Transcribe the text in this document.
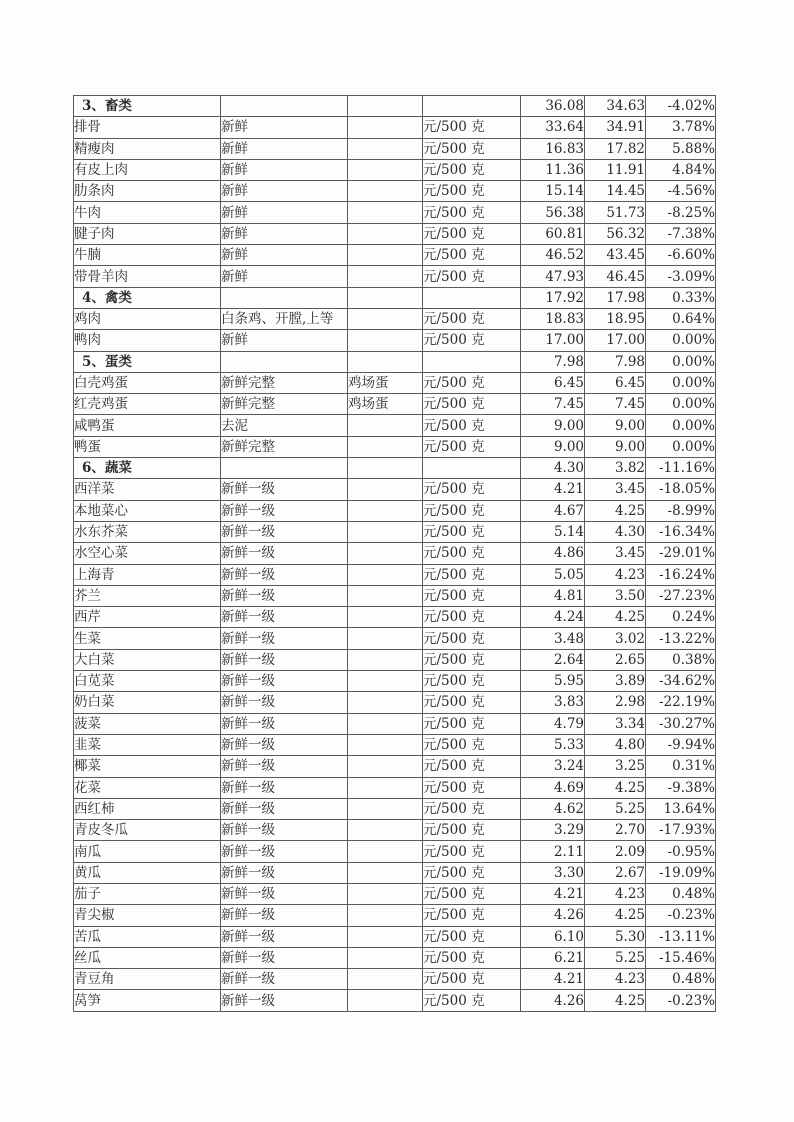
3、畜类				36.08	34.63	-4.02%
排骨	新鲜		元/500 克	33.64	34.91	3.78%
精瘦肉	新鲜		元/500 克	16.83	17.82	5.88%
有皮上肉	新鲜		元/500 克	11.36	11.91	4.84%
肋条肉	新鲜		元/500 克	15.14	14.45	-4.56%
牛肉	新鲜		元/500 克	56.38	51.73	-8.25%
腱子肉	新鲜		元/500 克	60.81	56.32	-7.38%
牛腩	新鲜		元/500 克	46.52	43.45	-6.60%
带骨羊肉	新鲜		元/500 克	47.93	46.45	-3.09%
4、禽类				17.92	17.98	0.33%
鸡肉	白条鸡、开膛,上等		元/500 克	18.83	18.95	0.64%
鸭肉	新鲜		元/500 克	17.00	17.00	0.00%
5、蛋类				7.98	7.98	0.00%
白壳鸡蛋	新鲜完整	鸡场蛋	元/500 克	6.45	6.45	0.00%
红壳鸡蛋	新鲜完整	鸡场蛋	元/500 克	7.45	7.45	0.00%
咸鸭蛋	去泥		元/500 克	9.00	9.00	0.00%
鸭蛋	新鲜完整		元/500 克	9.00	9.00	0.00%
6、蔬菜				4.30	3.82	-11.16%
西洋菜	新鲜一级		元/500 克	4.21	3.45	-18.05%
本地菜心	新鲜一级		元/500 克	4.67	4.25	-8.99%
水东芥菜	新鲜一级		元/500 克	5.14	4.30	-16.34%
水空心菜	新鲜一级		元/500 克	4.86	3.45	-29.01%
上海青	新鲜一级		元/500 克	5.05	4.23	-16.24%
芥兰	新鲜一级		元/500 克	4.81	3.50	-27.23%
西芹	新鲜一级		元/500 克	4.24	4.25	0.24%
生菜	新鲜一级		元/500 克	3.48	3.02	-13.22%
大白菜	新鲜一级		元/500 克	2.64	2.65	0.38%
白苋菜	新鲜一级		元/500 克	5.95	3.89	-34.62%
奶白菜	新鲜一级		元/500 克	3.83	2.98	-22.19%
菠菜	新鲜一级		元/500 克	4.79	3.34	-30.27%
韭菜	新鲜一级		元/500 克	5.33	4.80	-9.94%
椰菜	新鲜一级		元/500 克	3.24	3.25	0.31%
花菜	新鲜一级		元/500 克	4.69	4.25	-9.38%
西红柿	新鲜一级		元/500 克	4.62	5.25	13.64%
青皮冬瓜	新鲜一级		元/500 克	3.29	2.70	-17.93%
南瓜	新鲜一级		元/500 克	2.11	2.09	-0.95%
黄瓜	新鲜一级		元/500 克	3.30	2.67	-19.09%
茄子	新鲜一级		元/500 克	4.21	4.23	0.48%
青尖椒	新鲜一级		元/500 克	4.26	4.25	-0.23%
苦瓜	新鲜一级		元/500 克	6.10	5.30	-13.11%
丝瓜	新鲜一级		元/500 克	6.21	5.25	-15.46%
青豆角	新鲜一级		元/500 克	4.21	4.23	0.48%
莴笋	新鲜一级		元/500 克	4.26	4.25	-0.23%
